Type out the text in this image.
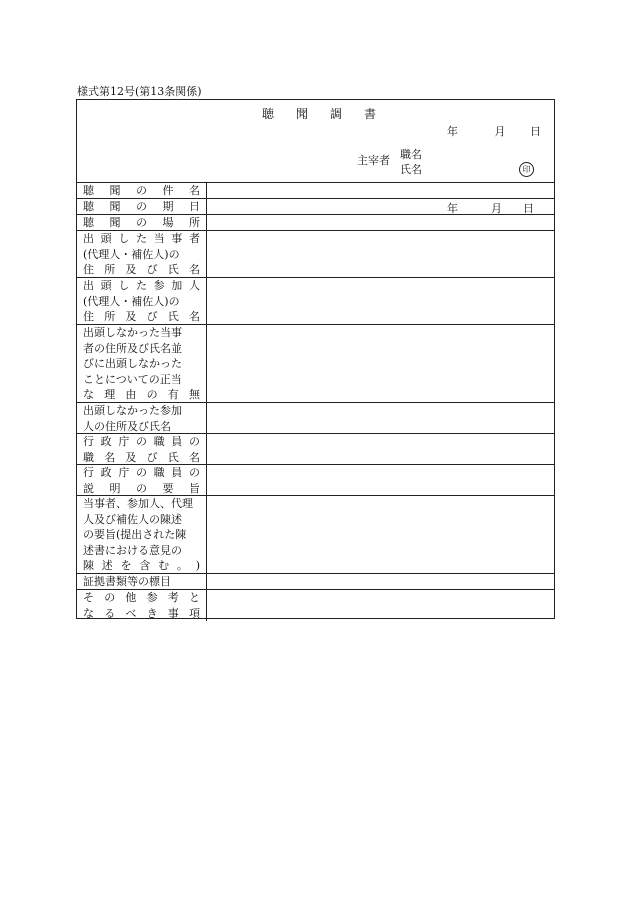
様式第12号(第13条関係)
聴聞調書
年	月 日
主宰者 職名
氏名	印
聴 聞 の 件 名
聴 聞 の 期 日	年	月 日
聴 聞 の 場 所
出 頭 し た 当 事 者
(代理人・補佐人)の
住 所 及 び 氏 名
出 頭 し た 参 加 人
(代理人・補佐人)の
住 所 及 び 氏 名
出頭しなかった当事
者の住所及び氏名並
びに出頭しなかった
ことについての正当
な 理 由 の 有 無
出頭しなかった参加
人の住所及び氏名
行 政 庁 の 職 員 の
職 名 及 び 氏 名
行 政 庁 の 職 員 の
説 明 の 要 旨
当事者、参加人、代理
人及び補佐人の陳述
の要旨(提出された陳
述書における意見の
陳 述 を 含 む 。 )
証拠書類等の標目
そ の 他 参 考 と
な る べ き 事 項
